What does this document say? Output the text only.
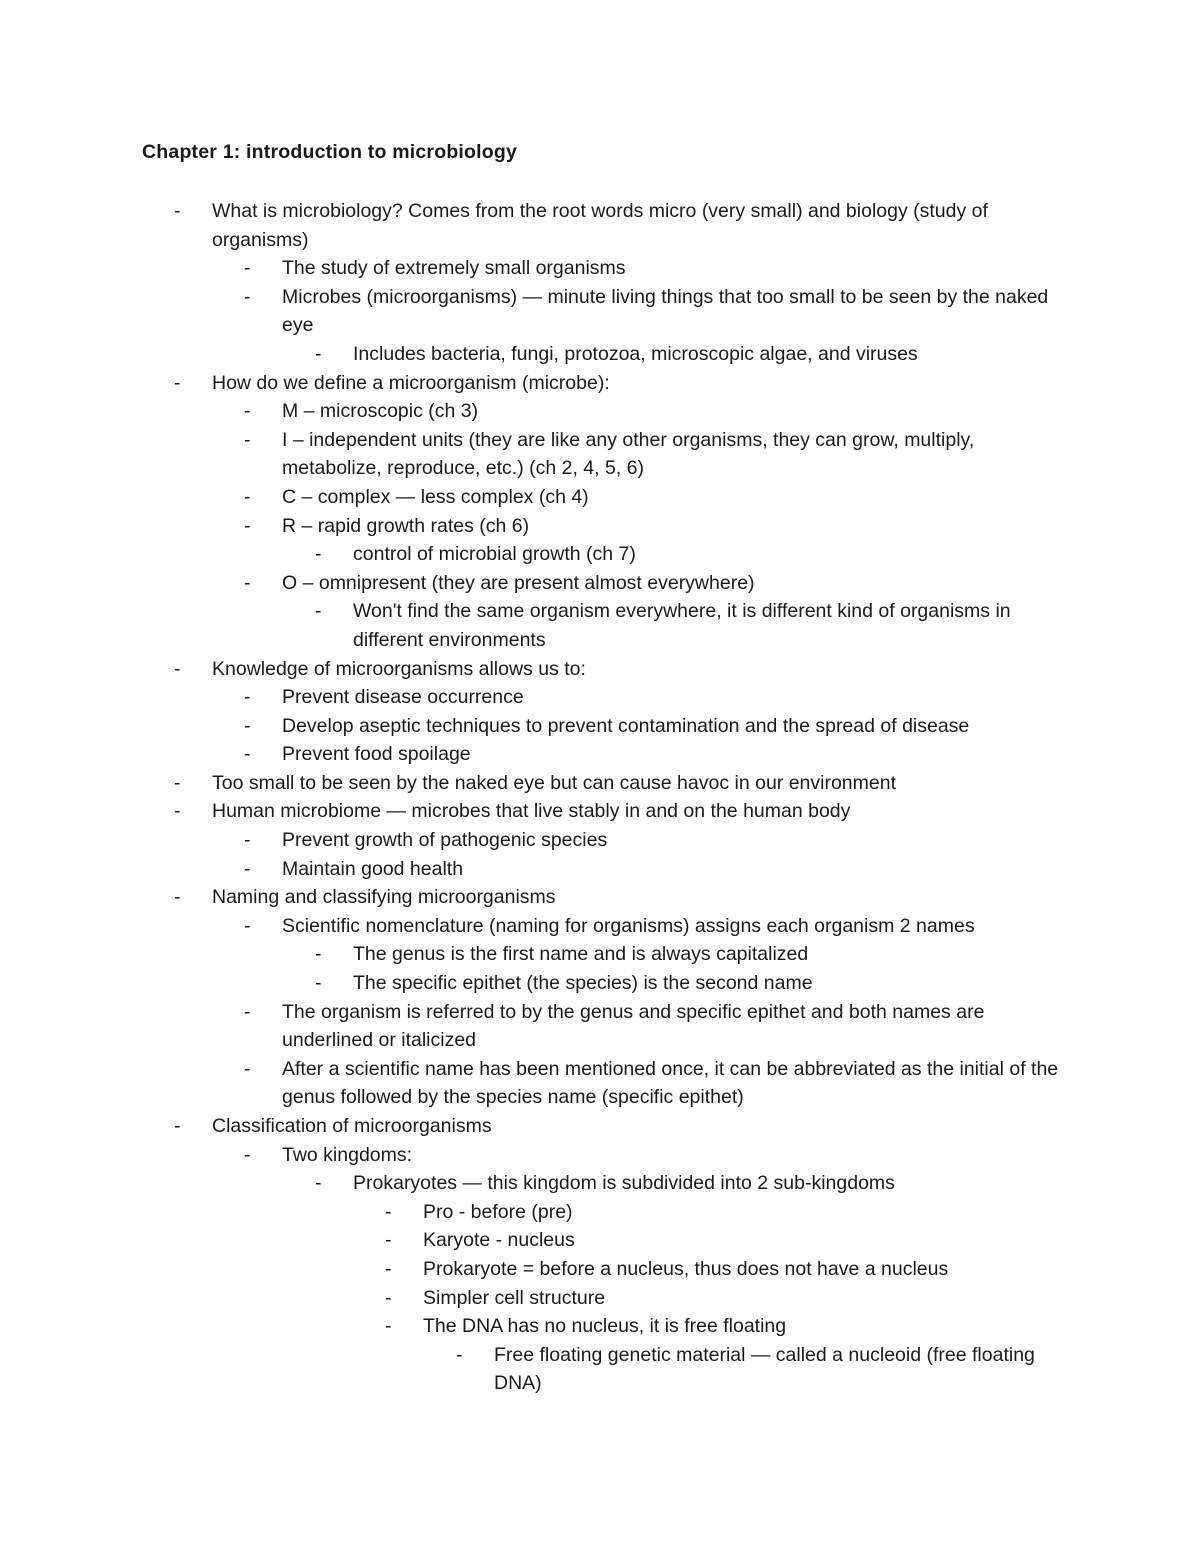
Chapter 1: introduction to microbiology
- What is microbiology? Comes from the root words micro (very small) and biology (study of organisms)
- The study of extremely small organisms
- Microbes (microorganisms) — minute living things that too small to be seen by the naked eye
- Includes bacteria, fungi, protozoa, microscopic algae, and viruses
- How do we define a microorganism (microbe):
- M – microscopic (ch 3)
- I – independent units (they are like any other organisms, they can grow, multiply, metabolize, reproduce, etc.) (ch 2, 4, 5, 6)
- C – complex — less complex (ch 4)
- R – rapid growth rates (ch 6)
- control of microbial growth (ch 7)
- O – omnipresent (they are present almost everywhere)
- Won't find the same organism everywhere, it is different kind of organisms in different environments
- Knowledge of microorganisms allows us to:
- Prevent disease occurrence
- Develop aseptic techniques to prevent contamination and the spread of disease
- Prevent food spoilage
- Too small to be seen by the naked eye but can cause havoc in our environment
- Human microbiome — microbes that live stably in and on the human body
- Prevent growth of pathogenic species
- Maintain good health
- Naming and classifying microorganisms
- Scientific nomenclature (naming for organisms) assigns each organism 2 names
- The genus is the first name and is always capitalized
- The specific epithet (the species) is the second name
- The organism is referred to by the genus and specific epithet and both names are underlined or italicized
- After a scientific name has been mentioned once, it can be abbreviated as the initial of the genus followed by the species name (specific epithet)
- Classification of microorganisms
- Two kingdoms:
- Prokaryotes — this kingdom is subdivided into 2 sub-kingdoms
- Pro - before (pre)
- Karyote - nucleus
- Prokaryote = before a nucleus, thus does not have a nucleus
- Simpler cell structure
- The DNA has no nucleus, it is free floating
- Free floating genetic material — called a nucleoid (free floating DNA)
